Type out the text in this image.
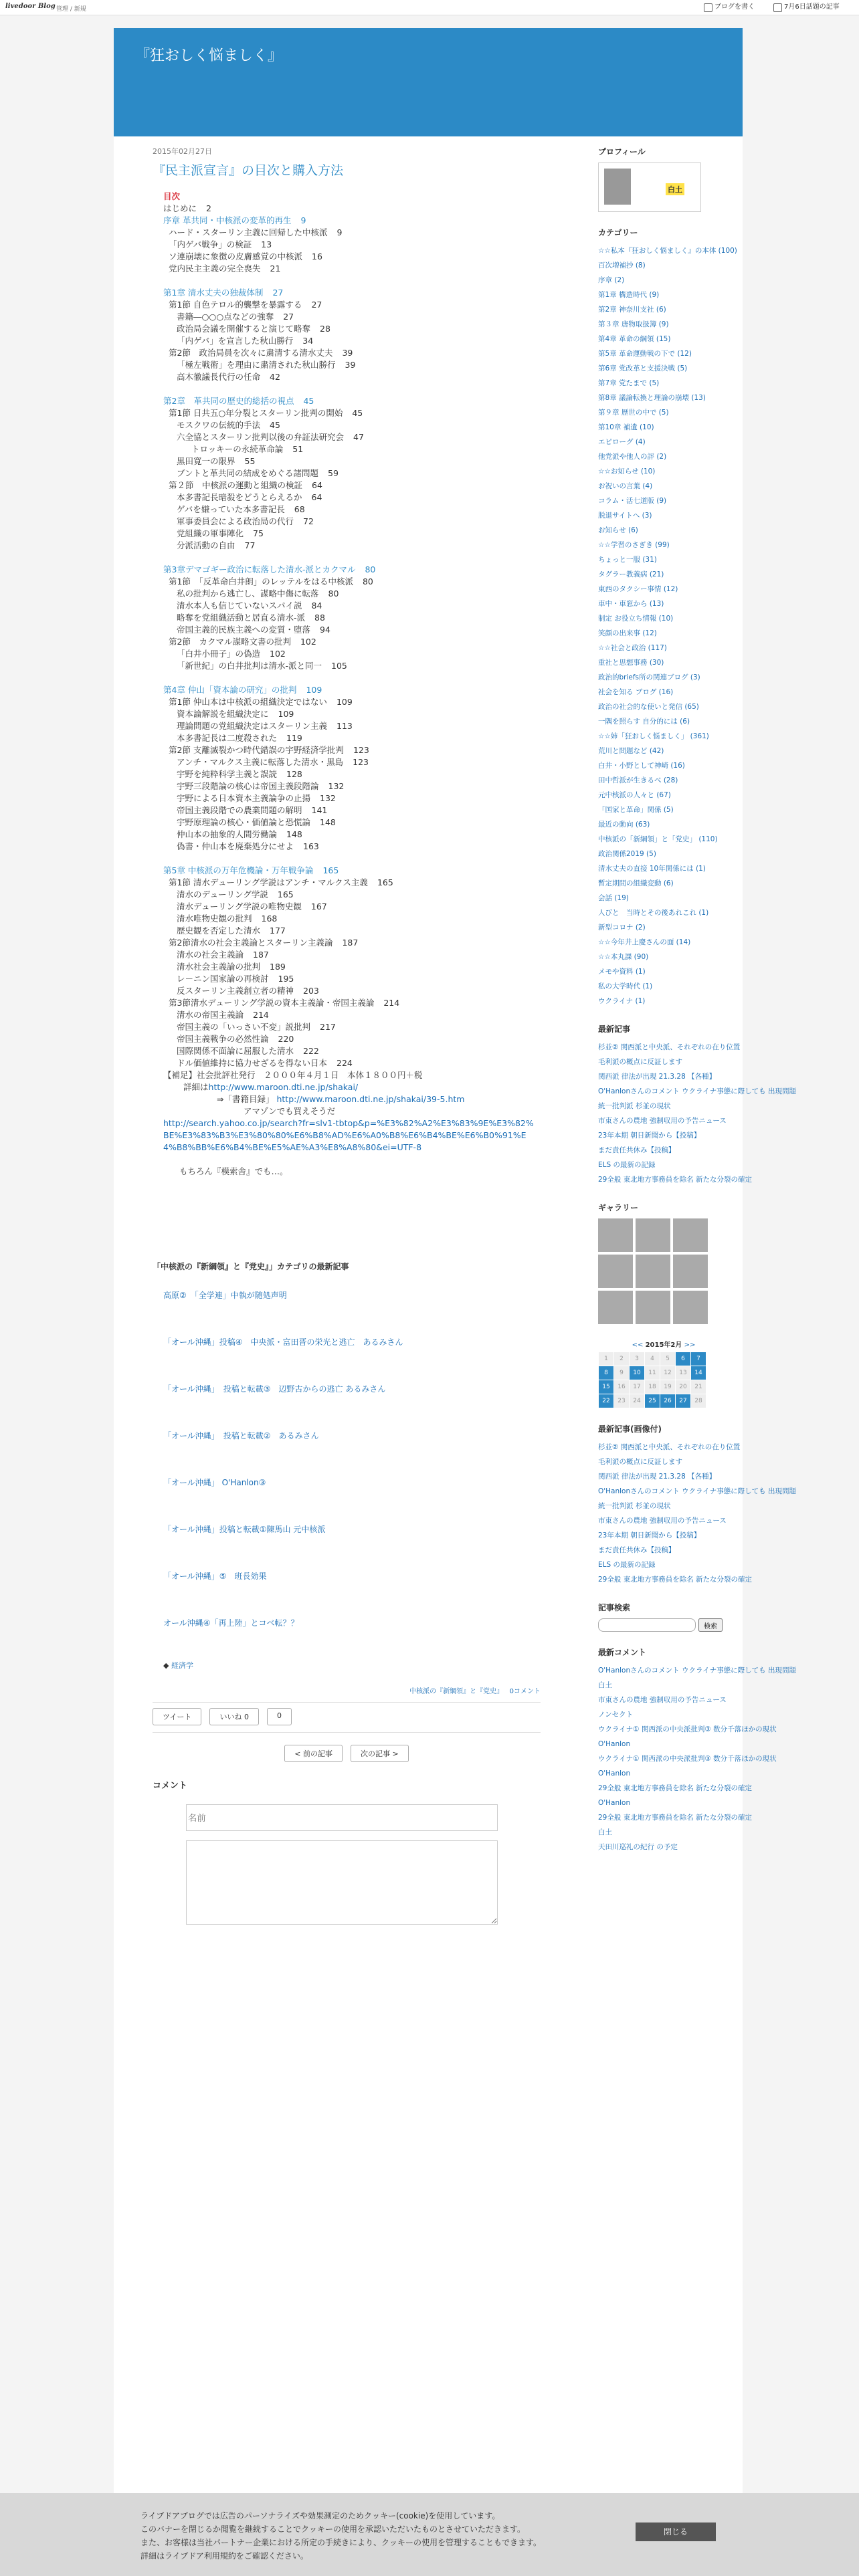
livedoor Blog 管理 / 新規	ブログを書く	7月6日話題の記事
『狂おしく悩ましく』
2015年02月27日
『民主派宣言』の目次と購入方法
目次
はじめに 2
序章 革共同・中核派の変革的再生 9
ハード・スターリン主義に回帰した中核派 9
「内ゲバ戦争」の検証 13
ソ連崩壊に象徴の皮膚感覚の中核派 16
党内民主主義の完全喪失 21
第1章 清水丈夫の独裁体制 27
第1節 自色テロル的襲撃を暴露する 27
書籍―○○○点などの強奪 27
政治局会議を開催すると演じて略奪 28
「内ゲバ」を宣言した秋山勝行 34
第2節　政治局員を次々に粛清する清水丈夫 39
「極左戦術」を理由に粛清された秋山勝行 39
高木徹議長代行の任命 42
第2章　革共同の歴史的総括の視点 45
第1節 日共五○年分裂とスターリン批判の開始 45
モスクワの伝統的手法 45
六全協とスターリン批判以後の弁証法研究会 47
トロッキーの永続革命論 51
黒田寛一の限界 55
ブントと革共同の結成をめぐる諸問題 59
第２節　中核派の運動と組織の検証 64
本多書記長暗殺をどうとらえるか 64
ゲバを嫌っていた本多書記長 68
軍事委員会による政治局の代行 72
党組織の軍事陣化 75
分派活動の自由 77
第3章デマゴギー政治に転落した清水-派とカクマル 80
第1節　「反革命白井朗」のレッテルをはる中核派 80
私の批判から逃亡し、謀略中傷に転落 80
清水本人も信じていないスパイ説 84
略奪を党組織活動と居直る清水-派 88
帝国主義的民族主義への変質・堕落 94
第2節　カクマル謀略文書の批判 102
「白井小冊子」の偽造 102
「新世紀」の白井批判は清水-派と同一 105
第4章 仲山「資本論の研究」の批判 109
第1節 仲山本は中核派の組織決定ではない 109
資本論解説を組織決定に 109
理論問題の党組織決定はスターリン主義 113
本多書記長は二度殺された 119
第2節 支離滅裂かつ時代錯誤の宇野経済学批判 123
アンチ・マルクス主義に転落した清水・黒島 123
宇野を純粋科学主義と誤読 128
宇野三段階論の核心は帝国主義段階論 132
宇野による日本資本主義論争の止揚 132
帝国主義段階での農業問題の解明 141
宇野原理論の核心・価値論と恐慌論 148
仲山本の抽象的人間労働論 148
偽書・仲山本を廃棄処分にせよ 163
第5章 中核派の万年危機論・万年戦争論 165
第1節 清水デューリング学説はアンチ・マルクス主義 165
清水のデューリング学説 165
清水デューリング学説の唯物史観 167
清水唯物史観の批判 168
歴史観を否定した清水 177
第2節清水の社会主義論とスターリン主義論 187
清水の社会主義論 187
清水社会主義論の批判 189
レ－ニン国家論の再検討 195
反スターリン主義創立者の精神 203
第3節清水デューリング学説の資本主義論・帝国主義論 214
清水の帝国主義論 214
帝国主義の「いっさい不変」説批判 217
帝国主義戦争の必然性論 220
国際関係不面論に屈服した清水 222
ドル価値維持に協力せざるを得ない日本 224
【補足】社会批評社発行　２０００年４月１日　本体１８００円＋税
詳細はhttp://www.maroon.dti.ne.jp/shakai/
⇒「書籍目録」 http://www.maroon.dti.ne.jp/shakai/39-5.htm
アマゾンでも買えそうだ
http://search.yahoo.co.jp/search?fr=slv1-tbtop&p=%E3%82%A2%E3%83%9E%E3%82%BE%E3%83%B3%E3%80%80%E6%B8%AD%E6%A0%B8%E6%B4%BE%E6%B0%91%E4%B8%BB%E6%B4%BE%E5%AE%A3%E8%A8%80&ei=UTF-8
もちろん『模索舎』でも…。
「中核派の『新綱領』と『党史』」カテゴリの最新記事
高原②　「全学連」中執が随処声明
「オール沖縄」投稿④　中央派・富田晋の栄光と逃亡　あるみさん
「オール沖縄」　投稿と転載③　辺野古からの逃亡 あるみさん
「オール沖縄」　投稿と転載②　あるみさん
「オール沖縄」 O'Hanlon③
「オール沖縄」投稿と転載①陳馬山 元中核派
「オール沖縄」⑤　班長効果
オール沖縄④「再上陸」とコベ転？？
◆ 経済学
中核派の『新綱領』と『党史』 0コメント
ツイート	いいね 0	0
< 前の記事	次の記事 >
コメント
名前
プロフィール
白土
カテゴリー
☆☆私本『狂おしく悩ましく』の本体 (100)
百次増補抄 (8)
序章 (2)
第1章 構造時代 (9)
第2章 神奈川支社 (6)
第３章 唐物取扱簿 (9)
第4章 革命の綱領 (15)
第5章 革命運動戦の下で (12)
第6章 党改革と支援決戦 (5)
第7章 党たまで (5)
第8章 議論転換と理論の崩壊 (13)
第９章 歴世の中で (5)
第10章 補遺 (10)
エピローグ (4)
他党派や他人の評 (2)
☆☆お知らせ (10)
お祝いの言葉 (4)
コラム・活七道版 (9)
脱退サイトへ (3)
お知らせ (6)
☆☆学習のさぎき (99)
ちょっと一服 (31)
タグラー教義病 (21)
東西のタクシー事情 (12)
車中・車窓から (13)
制定 お役立ち情報 (10)
笑顔の出来事 (12)
☆☆社会と政治 (117)
重社と思想事務 (30)
政治的briefs所の関連ブログ (3)
社会を知る ブログ (16)
政治の社会的な使いと発信 (65)
一隅を照らす 自分的には (6)
☆☆姉「狂おしく悩ましく」 (361)
荒川と問題など (42)
白井・小野として神崎 (16)
田中哲派が生きるべ (28)
元中核派の人々と (67)
「国家と革命」関係 (5)
最近の動向 (63)
中核派の「新綱領」と「党史」 (110)
政治関係2019 (5)
清水丈夫の直接 10年関係には (1)
暫定期間の組織変動 (6)
会話 (19)
人びと　当時とその後あれこれ (1)
新型コロナ (2)
☆☆今年井上慶さんの面 (14)
☆☆本丸課 (90)
メモや資料 (1)
私の大学時代 (1)
ウクライナ (1)
最新記事
杉並② 関西派と中央派、それぞれの在り位置
毛利派の概点に反証します
関西派 律法が出現 21.3.28 【各種】
O'Hanlonさんのコメント ウクライナ事態に際しても 出現問題
統一批判派 杉並の現状
市東さんの農地 強制収用の予告ニュース
23年本期 朝日新聞から【投稿】
まだ責任共休み【投稿】
ELS の最新の記録
29全般 東北地方事務員を除名 新たな分裂の確定
ギャラリー
<< 2015年2月 >>
1	2	3	4	5	6	7
8	9	10	11	12	13	14
15	16	17	18	19	20	21
22	23	24	25	26	27	28
最新記事(画像付)
杉並② 関西派と中央派、それぞれの在り位置
毛利派の概点に反証します
関西派 律法が出現 21.3.28 【各種】
O'Hanlonさんのコメント ウクライナ事態に際しても 出現問題
統一批判派 杉並の現状
市東さんの農地 強制収用の予告ニュース
23年本期 朝日新聞から【投稿】
まだ責任共休み【投稿】
ELS の最新の記録
29全般 東北地方事務員を除名 新たな分裂の確定
記事検索
検索
最新コメント
O'Hanlonさんのコメント ウクライナ事態に際しても 出現問題
白土
市東さんの農地 強制収用の予告ニュース
ノンセクト
ウクライナ① 関西派の中央派批判③ 数分千落ほかの現状
O'Hanlon
ウクライナ① 関西派の中央派批判③ 数分千落ほかの現状
O'Hanlon
29全般 東北地方事務員を除名 新たな分裂の確定
O'Hanlon
29全般 東北地方事務員を除名 新たな分裂の確定
白土
天田川巡礼の紀行 の予定
ライブドアブログでは広告のパーソナライズや効果測定のためクッキー(cookie)を使用しています。
このバナーを閉じるか閲覧を継続することでクッキーの使用を承認いただいたものとさせていただきます。
また、お客様は当社パートナー企業における所定の手続きにより、クッキーの使用を管理することもできます。
詳細はライブドア利用規約をご確認ください。
閉じる
